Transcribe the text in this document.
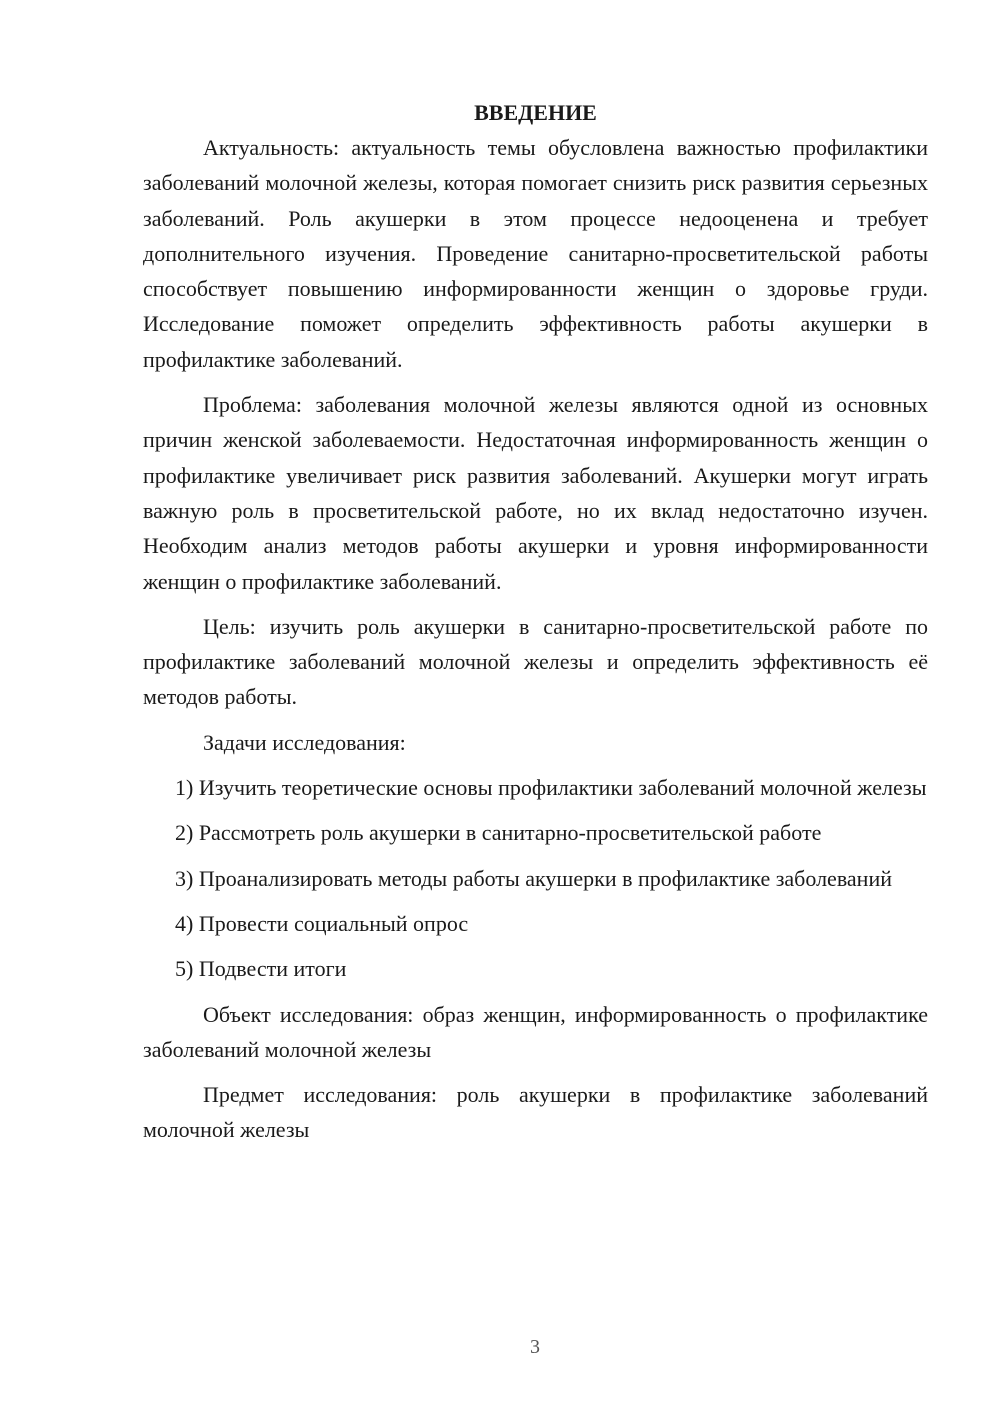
ВВЕДЕНИЕ

Актуальность: актуальность темы обусловлена важностью профилактики заболеваний молочной железы, которая помогает снизить риск развития серьезных заболеваний. Роль акушерки в этом процессе недооценена и требует дополнительного изучения. Проведение санитарно-просветительской работы способствует повышению информированности женщин о здоровье груди. Исследование поможет определить эффективность работы акушерки в профилактике заболеваний.

Проблема: заболевания молочной железы являются одной из основных причин женской заболеваемости. Недостаточная информированность женщин о профилактике увеличивает риск развития заболеваний. Акушерки могут играть важную роль в просветительской работе, но их вклад недостаточно изучен. Необходим анализ методов работы акушерки и уровня информированности женщин о профилактике заболеваний.

Цель: изучить роль акушерки в санитарно-просветительской работе по профилактике заболеваний молочной железы и определить эффективность её методов работы.

Задачи исследования:

1) Изучить теоретические основы профилактики заболеваний молочной железы

2) Рассмотреть роль акушерки в санитарно-просветительской работе

3) Проанализировать методы работы акушерки в профилактике заболеваний

4) Провести социальный опрос

5) Подвести итоги

Объект исследования: образ женщин, информированность о профилактике заболеваний молочной железы

Предмет исследования: роль акушерки в профилактике заболеваний молочной железы

3
